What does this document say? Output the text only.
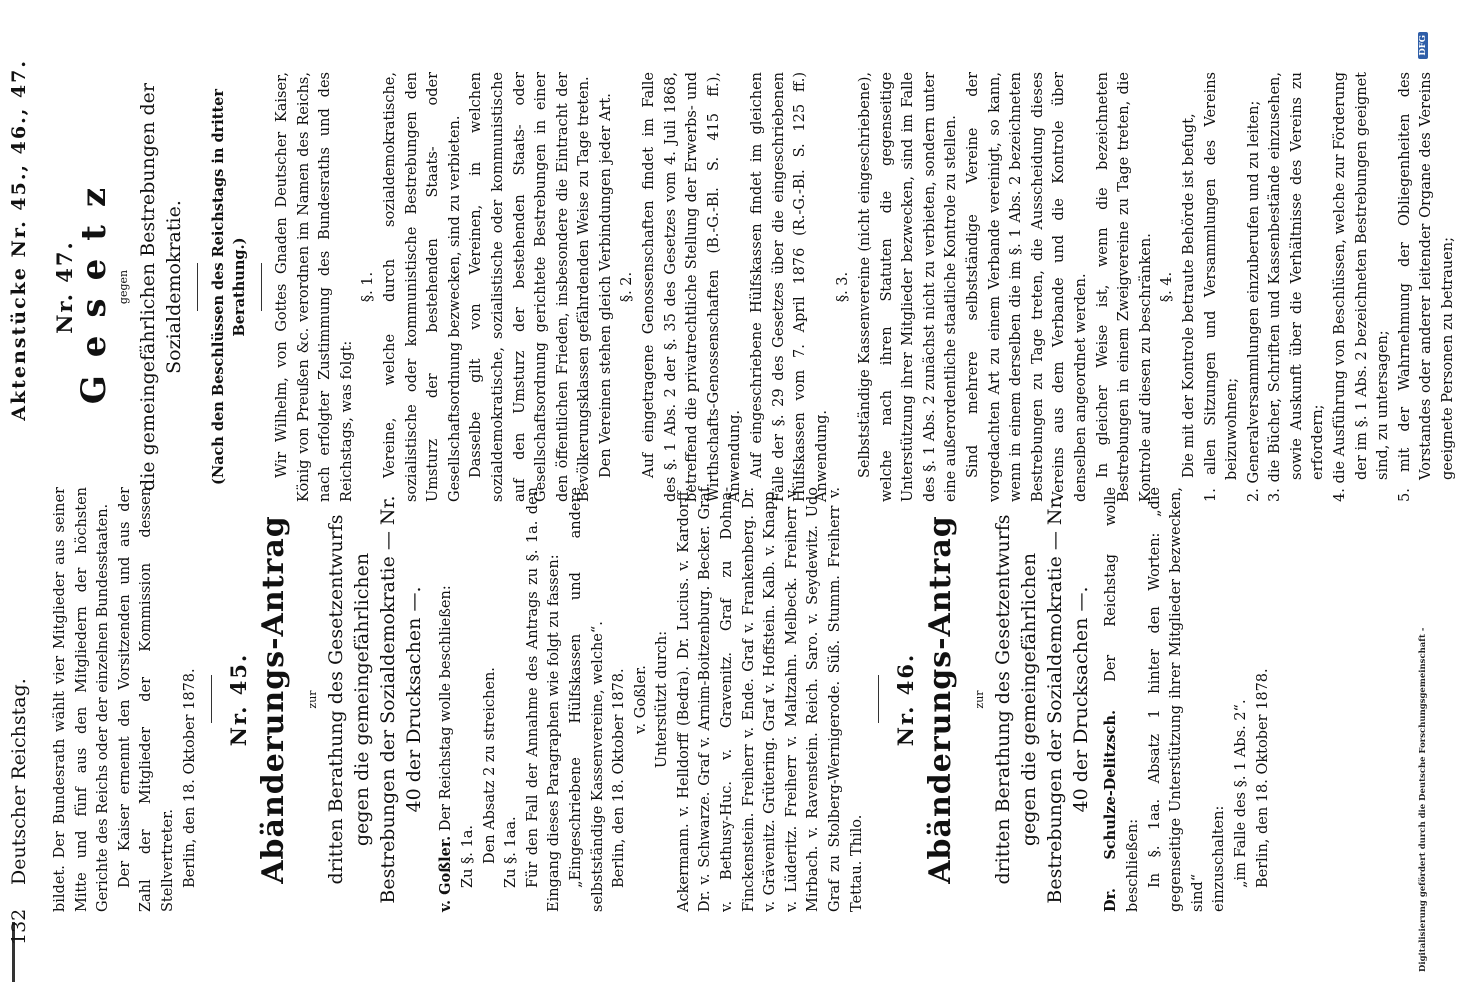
132
Deutscher Reichstag.
Aktenstücke Nr. 45., 46., 47.

bildet. Der Bundesrath wählt vier Mitglieder aus seiner Mitte und fünf aus den Mitgliedern der höchsten Gerichte des Reichs oder der einzelnen Bundesstaaten. Der Kaiser ernennt den Vorsitzenden und aus der Zahl der Mitglieder der Kommission dessen Stellvertreter. Berlin, den 18. Oktober 1878. Nr. 45. Abänderungs-Antrag	zur dritten Berathung des Gesetzentwurfs gegen die gemeingefährlichen Bestrebungen der Sozialdemokratie — Nr. 40 der Drucksachen —.

v. Goßler. Der Reichstag wolle beschließen:

Zu §. 1a. Den Absatz 2 zu streichen. Zu §. 1aa. Für den Fall der Annahme des Antrags zu §. 1a. den Eingang dieses Paragraphen wie folgt zu fassen: „Eingeschriebene Hülfskassen und andere selbstständige Kassenvereine, welche“. Berlin, den 18. Oktober 1878. v. Goßler. Unterstützt durch: Ackermann. v. Helldorff (Bedra). Dr. Lucius. v. Kardorff. Dr. v. Schwarze. Graf v. Arnim-Boitzenburg. Becker. Graf v. Bethusy-Huc. v. Gravenitz. Graf zu Dohna-Finckenstein. Freiherr v. Ende. Graf v. Frankenberg. Dr. v. Grävenitz. Grütering. Graf v. Hoffstein. Kalb. v. Knapp. v. Lüderitz. Freiherr v. Maltzahn. Melbeck. Freiherr v. Mirbach. v. Ravenstein. Reich. Saro. v. Seydewitz. Udo Graf zu Stolberg-Wernigerode. Süß. Stumm. Freiherr v. Tettau. Thilo.

Nr. 46. Abänderungs-Antrag	zur dritten Berathung des Gesetzentwurfs gegen die gemeingefährlichen Bestrebungen der Sozialdemokratie — Nr. 40 der Drucksachen —. Dr. Schulze-Delitzsch. Der Reichstag wolle beschließen: In §. 1aa. Absatz 1 hinter den Worten: „die gegenseitige Unterstützung ihrer Mitglieder bezwecken, sind“ einzuschalten: „im Falle des §. 1 Abs. 2“. Berlin, den 18. Oktober 1878.

Nr. 47.
Gesetz gegen die gemeingefährlichen Bestrebungen der Sozialdemokratie. (Nach den Beschlüssen des Reichstags in dritter Berathung.) Wir Wilhelm, von Gottes Gnaden Deutscher Kaiser, König von Preußen &c. verordnen im Namen des Reichs, nach erfolgter Zustimmung des Bundesraths und des Reichstags, was folgt:

§. 1. Vereine, welche durch sozialdemokratische, sozialistische oder kommunistische Bestrebungen den Umsturz der bestehenden Staats- oder Gesellschaftsordnung bezwecken, sind zu verbieten. Dasselbe gilt von Vereinen, in welchen sozialdemokratische, sozialistische oder kommunistische auf den Umsturz der bestehenden Staats- oder Gesellschaftsordnung gerichtete Bestrebungen in einer den öffentlichen Frieden, insbesondere die Eintracht der Bevölkerungsklassen gefährdenden Weise zu Tage treten. Den Vereinen stehen gleich Verbindungen jeder Art. §. 2. Auf eingetragene Genossenschaften findet im Falle des §. 1 Abs. 2 der §. 35 des Gesetzes vom 4. Juli 1868, betreffend die privatrechtliche Stellung der Erwerbs- und Wirthschafts-Genossenschaften (B.-G.-Bl. S. 415 ff.), Anwendung. Auf eingeschriebene Hülfskassen findet im gleichen Falle der §. 29 des Gesetzes über die eingeschriebenen Hülfskassen vom 7. April 1876 (R.-G.-Bl. S. 125 ff.) Anwendung.

§. 3. Selbstständige Kassenvereine (nicht eingeschriebene), welche nach ihren Statuten die gegenseitige Unterstützung ihrer Mitglieder bezwecken, sind im Falle des §. 1 Abs. 2 zunächst nicht zu verbieten, sondern unter eine außerordentliche staatliche Kontrole zu stellen. Sind mehrere selbstständige Vereine der vorgedachten Art zu einem Verbande vereinigt, so kann, wenn in einem derselben die im §. 1 Abs. 2 bezeichneten Bestrebungen zu Tage treten, die Ausscheidung dieses Vereins aus dem Verbande und die Kontrole über denselben angeordnet werden. In gleicher Weise ist, wenn die bezeichneten Bestrebungen in einem Zweigvereine zu Tage treten, die Kontrole auf diesen zu beschränken. §. 4. Die mit der Kontrole betraute Behörde ist befugt, 1. allen Sitzungen und Versammlungen des Vereins beizuwohnen; 2. Generalversammlungen einzuberufen und zu leiten; 3. die Bücher, Schriften und Kassenbestände einzusehen, sowie Auskunft über die Verhältnisse des Vereins zu erfordern; 4. die Ausführung von Beschlüssen, welche zur Förderung der im §. 1 Abs. 2 bezeichneten Bestrebungen geeignet sind, zu untersagen; 5. mit der Wahrnehmung der Obliegenheiten des Vorstandes oder anderer leitender Organe des Vereins geeignete Personen zu betrauen;

Digitalisierung gefördert durch die Deutsche Forschungsgemeinschaft -
DFG
